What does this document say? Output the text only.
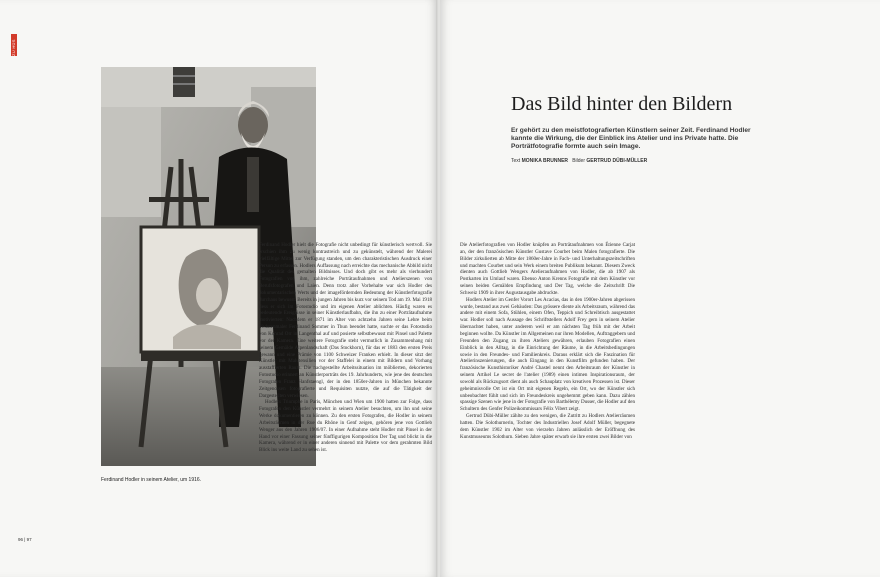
ZU HÜS
Ferdinand Hodler in seinem Atelier, um 1916.
96 | 97

Ferdinand Hodler hielt die Fotografie nicht unbedingt für künstlerisch wertvoll. Sie erschien ihm zu wenig kontrastreich und zu gekünstelt, während der Malerei vielfältige Mittel zur Verfügung standen, um den charakteristischen Ausdruck einer Person zu erfassen. Hodlers Auffassung nach erreichte das mechanische Abbild nicht die Qualität des gemalten Bildnisses. Und doch gibt es mehr als vierhundert Fotografien von ihm, zahlreiche Porträtaufnahmen und Atelierszenen von Berufsfotografen und Laien. Denn trotz aller Vorbehalte war sich Hodler des dokumentarischen Werts und der imagefördernden Bedeutung der Künstlerfotografie durchaus bewusst. Bereits in jungen Jahren bis kurz vor seinem Tod am 19. Mai 1918 liess er sich im Fotostudio und im eigenen Atelier ablichten. Häufig waren es bedeutende Ereignisse in seiner Künstlerlaufbahn, die ihn zu einer Porträtaufnahme motivierten: Nachdem er 1871 im Alter von achtzehn Jahren seine Lehre beim Vedutenmaler Ferdinand Sommer in Thun beendet hatte, suchte er das Fotostudio von Konrad Orr in Langenthal auf und posierte selbstbewusst mit Pinsel und Palette vor der Kamera. Eine weitere Fotografie steht vermutlich in Zusammenhang mit seinem Gemälde Alpenlandschaft (Das Stockhorn), für das er 1883 den ersten Preis gewann und eine Prämie von 1100 Schweizer Franken erhielt. In dieser sitzt der Künstler mit Malutensilien vor der Staffelei in einem mit Bildern und Vorhang ausstaffierten Raum. Die nachgestellte Arbeitssituation im möblierten, dekorierten Fotostudio erinnert an Künstlerporträts des 19. Jahrhunderts, wie jene des deutschen Fotografen Franz Hanfstaengl, der in den 1850er-Jahren in München bekannte Zeitgenossen fotografierte und Requisiten nutzte, die auf die Tätigkeit der Dargestellten verwiesen.

Hodlers Triumphe in Paris, München und Wien um 1900 hatten zur Folge, dass Fotografen den Künstler vermehrt in seinem Atelier besuchten, um ihn und seine Werke dokumentieren zu können. Zu den ersten Fotografen, die Hodler in seinem Arbeitsräumen in der Rue du Rhône in Genf zeigen, gehören jene von Gottlieb Wenger aus den Jahren 1906/07. In einer Aufnahme steht Hodler mit Pinsel in der Hand vor einer Fassung seiner fünffigurigen Komposition Der Tag und blickt in die Kamera, während er in einer anderen sinnend mit Palette vor dem gerahmten Bild Blick ins weite Land zu sehen ist.

Das Bild hinter den Bildern
Er gehört zu den meistfotografierten Künstlern seiner Zeit. Ferdinand Hodler kannte die Wirkung, die der Einblick ins Atelier und ins Private hatte. Die Porträtfotografie formte auch sein Image.
Text MONIKA BRUNNER Bilder GERTRUD DÜBI-MÜLLER

Die Atelierfotografien von Hodler knüpfen an Porträtaufnahmen von Étienne Carjat an, der den französischen Künstler Gustave Courbet beim Malen fotografierte. Die Bilder zirkulierten ab Mitte der 1860er-Jahre in Fach- und Unterhaltungszeitschriften und machten Courbet und sein Werk einem breiten Publikum bekannt. Diesem Zweck dienten auch Gottlieb Wengers Atelieraufnahmen von Hodler, die ab 1907 als Postkarten im Umlauf waren. Ebenso Anton Krenns Fotografie mit dem Künstler vor seinen beiden Gemälden Empfindung und Der Tag, welche die Zeitschrift Die Schweiz 1909 in ihrer Augustausgabe abdruckte.

Hodlers Atelier im Genfer Vorort Les Acacias, das in den 1900er-Jahren abgerissen wurde, bestand aus zwei Gebäuden: Das grössere diente als Arbeitsraum, während das andere mit einem Sofa, Stühlen, einem Ofen, Teppich und Schreibtisch ausgestattet war. Hodler soll nach Aussage des Schriftstellers Adolf Frey gern in seinem Atelier übernachtet haben, unter anderem weil er am nächsten Tag früh mit der Arbeit beginnen wollte. Da Künstler im Allgemeinen nur ihren Modellen, Auftraggebern und Freunden den Zugang zu ihren Ateliers gewähren, erlauben Fotografien einen Einblick in den Alltag, in die Einrichtung der Räume, in die Arbeitsbedingungen sowie in den Freundes- und Familienkreis. Daraus erklärt sich die Faszination für Atelierinszenierungen, die auch Eingang in den Kunstfilm gefunden haben. Der französische Kunsthistoriker André Chastel nennt den Arbeitsraum der Künstler in seinem Artikel Le secret de l'atelier (1989) einen intimen Inspirationsraum, der sowohl als Rückzugsort dient als auch Schauplatz von kreativen Prozessen ist. Dieser geheimnisvolle Ort ist ein Ort mit eigenen Regeln, ein Ort, wo der Künstler sich unbeobachtet fühlt und sich im Freundeskreis ungehemmt geben kann. Dazu zählen spassige Szenen wie jene in der Fotografie von Barthélemy Dusser, die Hodler auf den Schultern des Genfer Polizeikommissars Félix Vibert zeigt.

Gertrud Dübi-Müller zählte zu den wenigen, die Zutritt zu Hodlers Atelierräumen hatten. Die Solothurnerin, Tochter des Industriellen Josef Adolf Müller, begegnete dem Künstler 1902 im Alter von vierzehn Jahren anlässlich der Eröffnung des Kunstmuseums Solothurn. Sieben Jahre später erwarb sie ihre ersten zwei Bilder von
